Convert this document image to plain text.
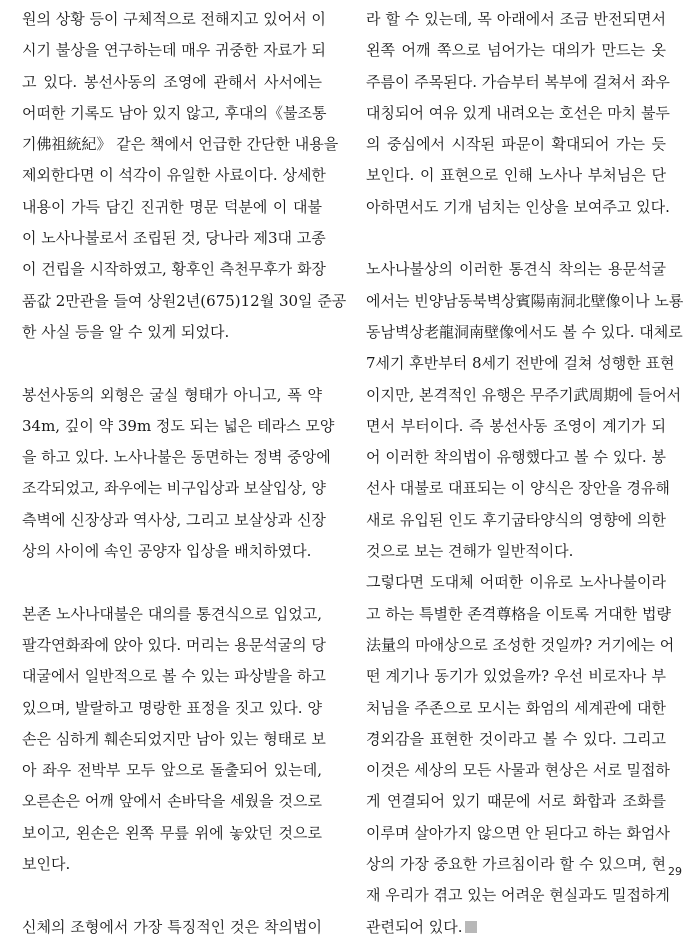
원의 상황 등이 구체적으로 전해지고 있어서 이
시기 불상을 연구하는데 매우 귀중한 자료가 되
고 있다. 봉선사동의 조영에 관해서 사서에는
어떠한 기록도 남아 있지 않고, 후대의《불조통
기佛祖統紀》 같은 책에서 언급한 간단한 내용을
제외한다면 이 석각이 유일한 사료이다. 상세한
내용이 가득 담긴 진귀한 명문 덕분에 이 대불
이 노사나불로서 조립된 것, 당나라 제3대 고종
이 건립을 시작하였고, 황후인 측천무후가 화장
품값 2만관을 들여 상원2년(675)12월 30일 준공
한 사실 등을 알 수 있게 되었다.
봉선사동의 외형은 굴실 형태가 아니고, 폭 약
34m, 깊이 약 39m 정도 되는 넓은 테라스 모양
을 하고 있다. 노사나불은 동면하는 정벽 중앙에
조각되었고, 좌우에는 비구입상과 보살입상, 양
측벽에 신장상과 역사상, 그리고 보살상과 신장
상의 사이에 속인 공양자 입상을 배치하였다.
본존 노사나대불은 대의를 통견식으로 입었고,
팔각연화좌에 앉아 있다. 머리는 용문석굴의 당
대굴에서 일반적으로 볼 수 있는 파상발을 하고
있으며, 발랄하고 명랑한 표정을 짓고 있다. 양
손은 심하게 훼손되었지만 남아 있는 형태로 보
아 좌우 전박부 모두 앞으로 돌출되어 있는데,
오른손은 어깨 앞에서 손바닥을 세웠을 것으로
보이고, 왼손은 왼쪽 무릎 위에 놓았던 것으로
보인다.
신체의 조형에서 가장 특징적인 것은 착의법이
라 할 수 있는데, 목 아래에서 조금 반전되면서
왼쪽 어깨 쪽으로 넘어가는 대의가 만드는 옷
주름이 주목된다. 가슴부터 복부에 걸쳐서 좌우
대칭되어 여유 있게 내려오는 호선은 마치 불두
의 중심에서 시작된 파문이 확대되어 가는 듯
보인다. 이 표현으로 인해 노사나 부처님은 단
아하면서도 기개 넘치는 인상을 보여주고 있다.
노사나불상의 이러한 통견식 착의는 용문석굴
에서는 빈양남동북벽상賓陽南洞北壁像이나 노룡
동남벽상老龍洞南壁像에서도 볼 수 있다. 대체로
7세기 후반부터 8세기 전반에 걸쳐 성행한 표현
이지만, 본격적인 유행은 무주기武周期에 들어서
면서 부터이다. 즉 봉선사동 조영이 계기가 되
어 이러한 착의법이 유행했다고 볼 수 있다. 봉
선사 대불로 대표되는 이 양식은 장안을 경유해
새로 유입된 인도 후기굽타양식의 영향에 의한
것으로 보는 견해가 일반적이다.
그렇다면 도대체 어떠한 이유로 노사나불이라
고 하는 특별한 존격尊格을 이토록 거대한 법량
法量의 마애상으로 조성한 것일까? 거기에는 어
떤 계기나 동기가 있었을까? 우선 비로자나 부
처님을 주존으로 모시는 화엄의 세계관에 대한
경외감을 표현한 것이라고 볼 수 있다. 그리고
이것은 세상의 모든 사물과 현상은 서로 밀접하
게 연결되어 있기 때문에 서로 화합과 조화를
이루며 살아가지 않으면 안 된다고 하는 화엄사
상의 가장 중요한 가르침이라 할 수 있으며, 현
재 우리가 겪고 있는 어려운 현실과도 밀접하게
관련되어 있다.
29
